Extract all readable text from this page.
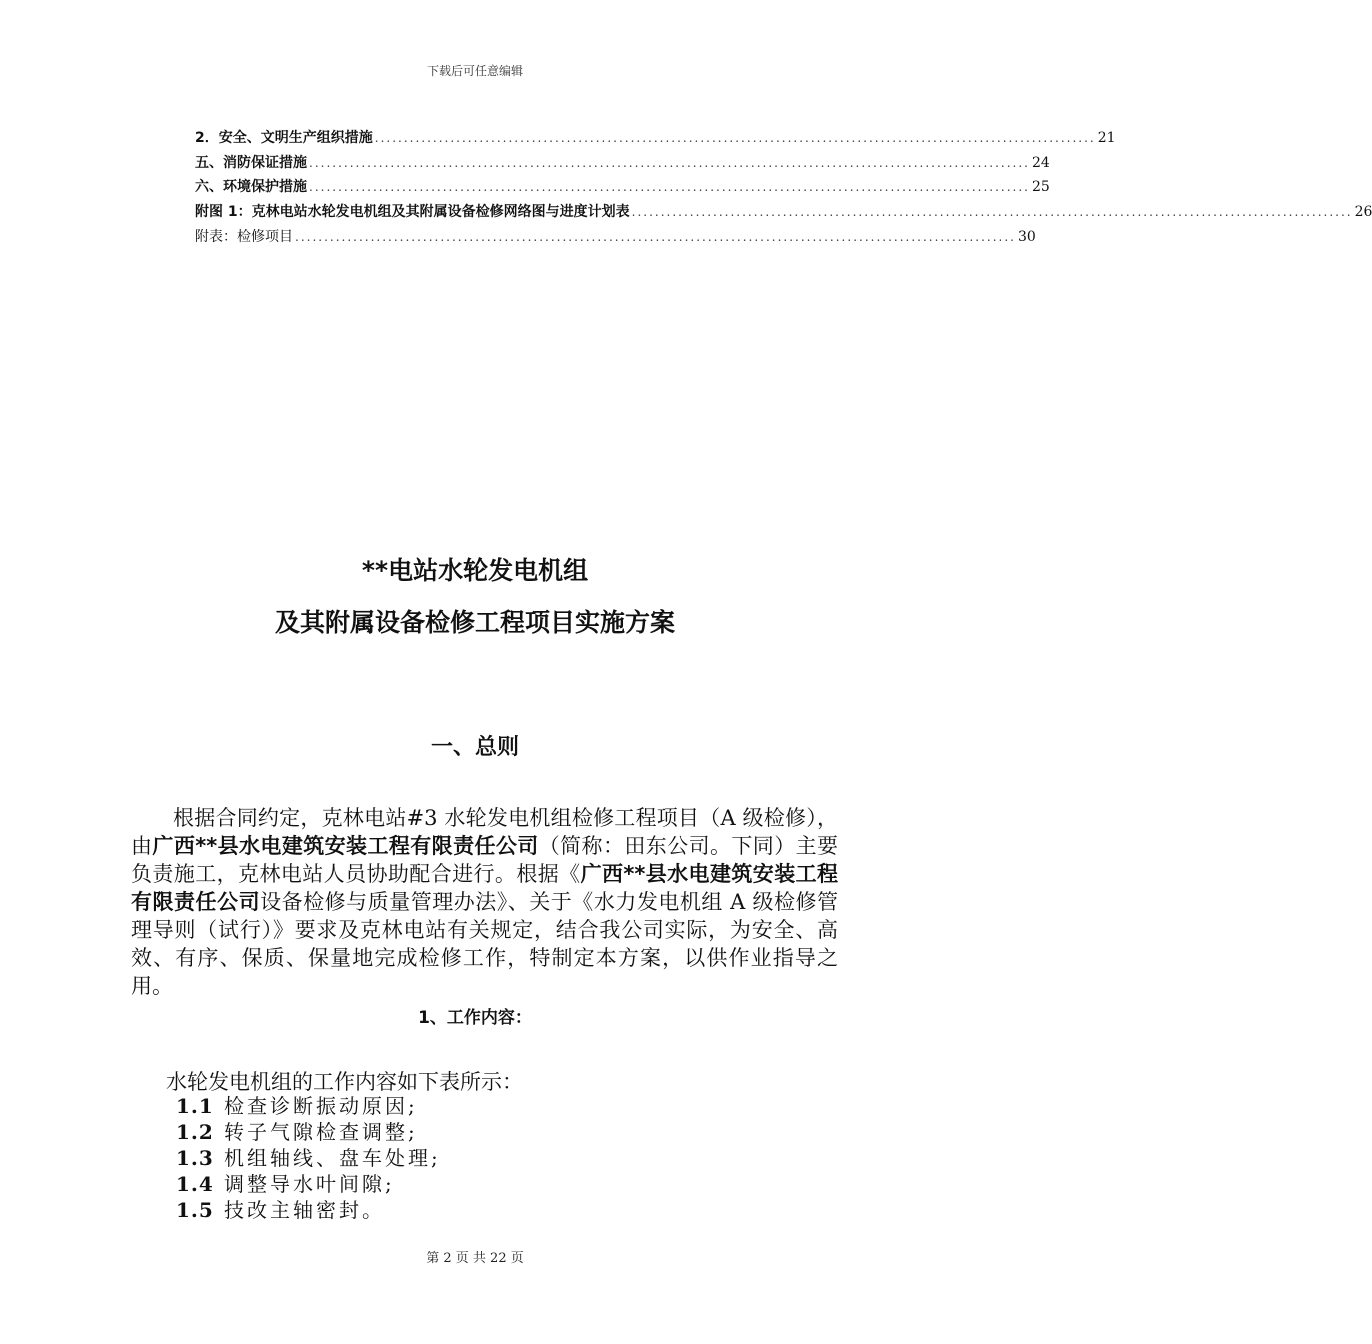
下载后可任意编辑
2．安全、文明生产组织措施 ............................................................................................................................ 21
五、消防保证措施 ............................................................................................................................ 24
六、环境保护措施 ............................................................................................................................ 25
附图 1：克林电站水轮发电机组及其附属设备检修网络图与进度计划表 ............................................................................................................................ 26
附表：检修项目 ............................................................................................................................ 30
**电站水轮发电机组
及其附属设备检修工程项目实施方案
一、总则
根据合同约定，克林电站#3 水轮发电机组检修工程项目（A 级检修），由广西**县水电建筑安装工程有限责任公司（简称：田东公司。下同）主要负责施工，克林电站人员协助配合进行。根据《广西**县水电建筑安装工程有限责任公司设备检修与质量管理办法》、关于《水力发电机组 A 级检修管理导则（试行）》要求及克林电站有关规定，结合我公司实际，为安全、高效、有序、保质、保量地完成检修工作，特制定本方案，以供作业指导之用。
1、工作内容：
水轮发电机组的工作内容如下表所示：
1.1 检查诊断振动原因;
1.2 转子气隙检查调整;
1.3 机组轴线、盘车处理;
1.4 调整导水叶间隙;
1.5 技改主轴密封。
第 2 页 共 22 页
